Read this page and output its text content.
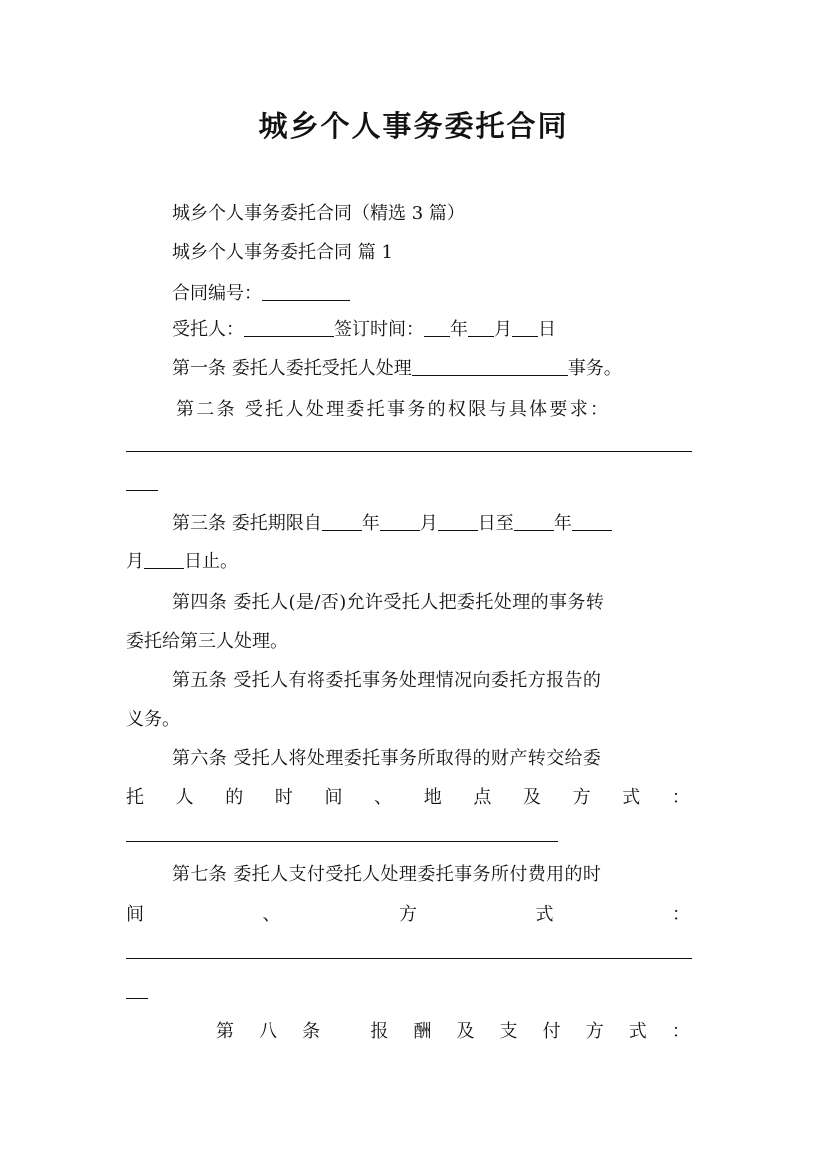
城乡个人事务委托合同
城乡个人事务委托合同（精选 3 篇）
城乡个人事务委托合同 篇 1
合同编号：
受托人：	签订时间： 年 月 日
第一条 委托人委托受托人处理	事务。
第二条 受托人处理委托事务的权限与具体要求：
第三条 委托期限自 年 月 日至 年
月 日止。
第四条 委托人(是/否)允许受托人把委托处理的事务转
委托给第三人处理。
第五条 受托人有将委托事务处理情况向委托方报告的
义务。
第六条 受托人将处理委托事务所取得的财产转交给委
托 人 的 时 间 、 地 点 及 方 式 ：
第七条 委托人支付受托人处理委托事务所付费用的时
间	、	方	式	：
第 八 条	报 酬 及 支 付 方 式 ：
